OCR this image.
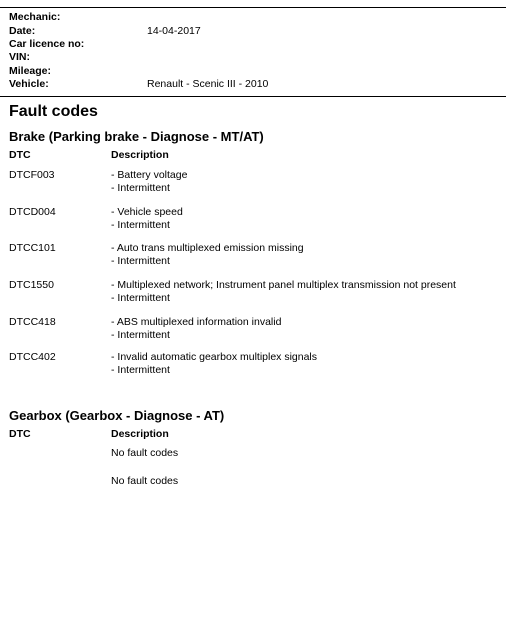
Mechanic:
Date:	14-04-2017
Car licence no:
VIN:
Mileage:
Vehicle:	Renault - Scenic III - 2010
Fault codes
Brake (Parking brake - Diagnose - MT/AT)
DTC	Description
DTCF003	- Battery voltage
- Intermittent
DTCD004	- Vehicle speed
- Intermittent
DTCC101	- Auto trans multiplexed emission missing
- Intermittent
DTC1550	- Multiplexed network; Instrument panel multiplex transmission not present
- Intermittent
DTCC418	- ABS multiplexed information invalid
- Intermittent
DTCC402	- Invalid automatic gearbox multiplex signals
- Intermittent
Gearbox (Gearbox - Diagnose - AT)
DTC	Description
No fault codes
No fault codes
